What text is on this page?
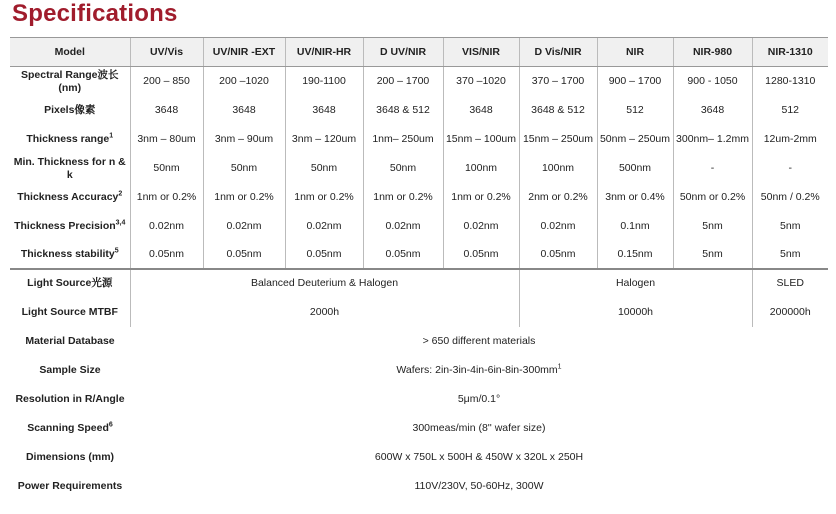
Specifications
Model	UV/Vis	UV/NIR -EXT	UV/NIR-HR	D UV/NIR	VIS/NIR	D Vis/NIR	NIR	NIR-980	NIR-1310
Spectral Range波长 (nm)	200 – 850	200 –1020	190-1100	200 – 1700	370 –1020	370 – 1700	900 – 1700	900 - 1050	1280-1310
Pixels像素	3648	3648	3648	3648 & 512	3648	3648 & 512	512	3648	512
Thickness range$^1$	3nm – 80um	3nm – 90um	3nm – 120um	1nm– 250um	15nm – 100um	15nm – 250um	50nm – 250um	300nm– 1.2mm	12um-2mm
Min. Thickness for n & k	50nm	50nm	50nm	50nm	100nm	100nm	500nm	-	-
Thickness Accuracy$^2$	1nm or 0.2%	1nm or 0.2%	1nm or 0.2%	1nm or 0.2%	1nm or 0.2%	2nm or 0.2%	3nm or 0.4%	50nm or 0.2%	50nm / 0.2%
Thickness Precision$^{3,4}$	0.02nm	0.02nm	0.02nm	0.02nm	0.02nm	0.02nm	0.1nm	5nm	5nm
Thickness stability$^5$	0.05nm	0.05nm	0.05nm	0.05nm	0.05nm	0.05nm	0.15nm	5nm	5nm
Light Source光源	Balanced Deuterium & Halogen					Halogen			SLED
Light Source MTBF	2000h					10000h			200000h
Material Database	> 650 different materials								
Sample Size	Wafers: $2in-3in-4in-6in-8in-300mm^1$
Resolution in R/Angle	5μm/0.1°								
Scanning Speed$^6$	300meas/min (8'' wafer size)								
Dimensions (mm)	600W x 750L x 500H & 450W x 320L x 250H								
Power Requirements	110V/230V, 50-60Hz, 300W								
